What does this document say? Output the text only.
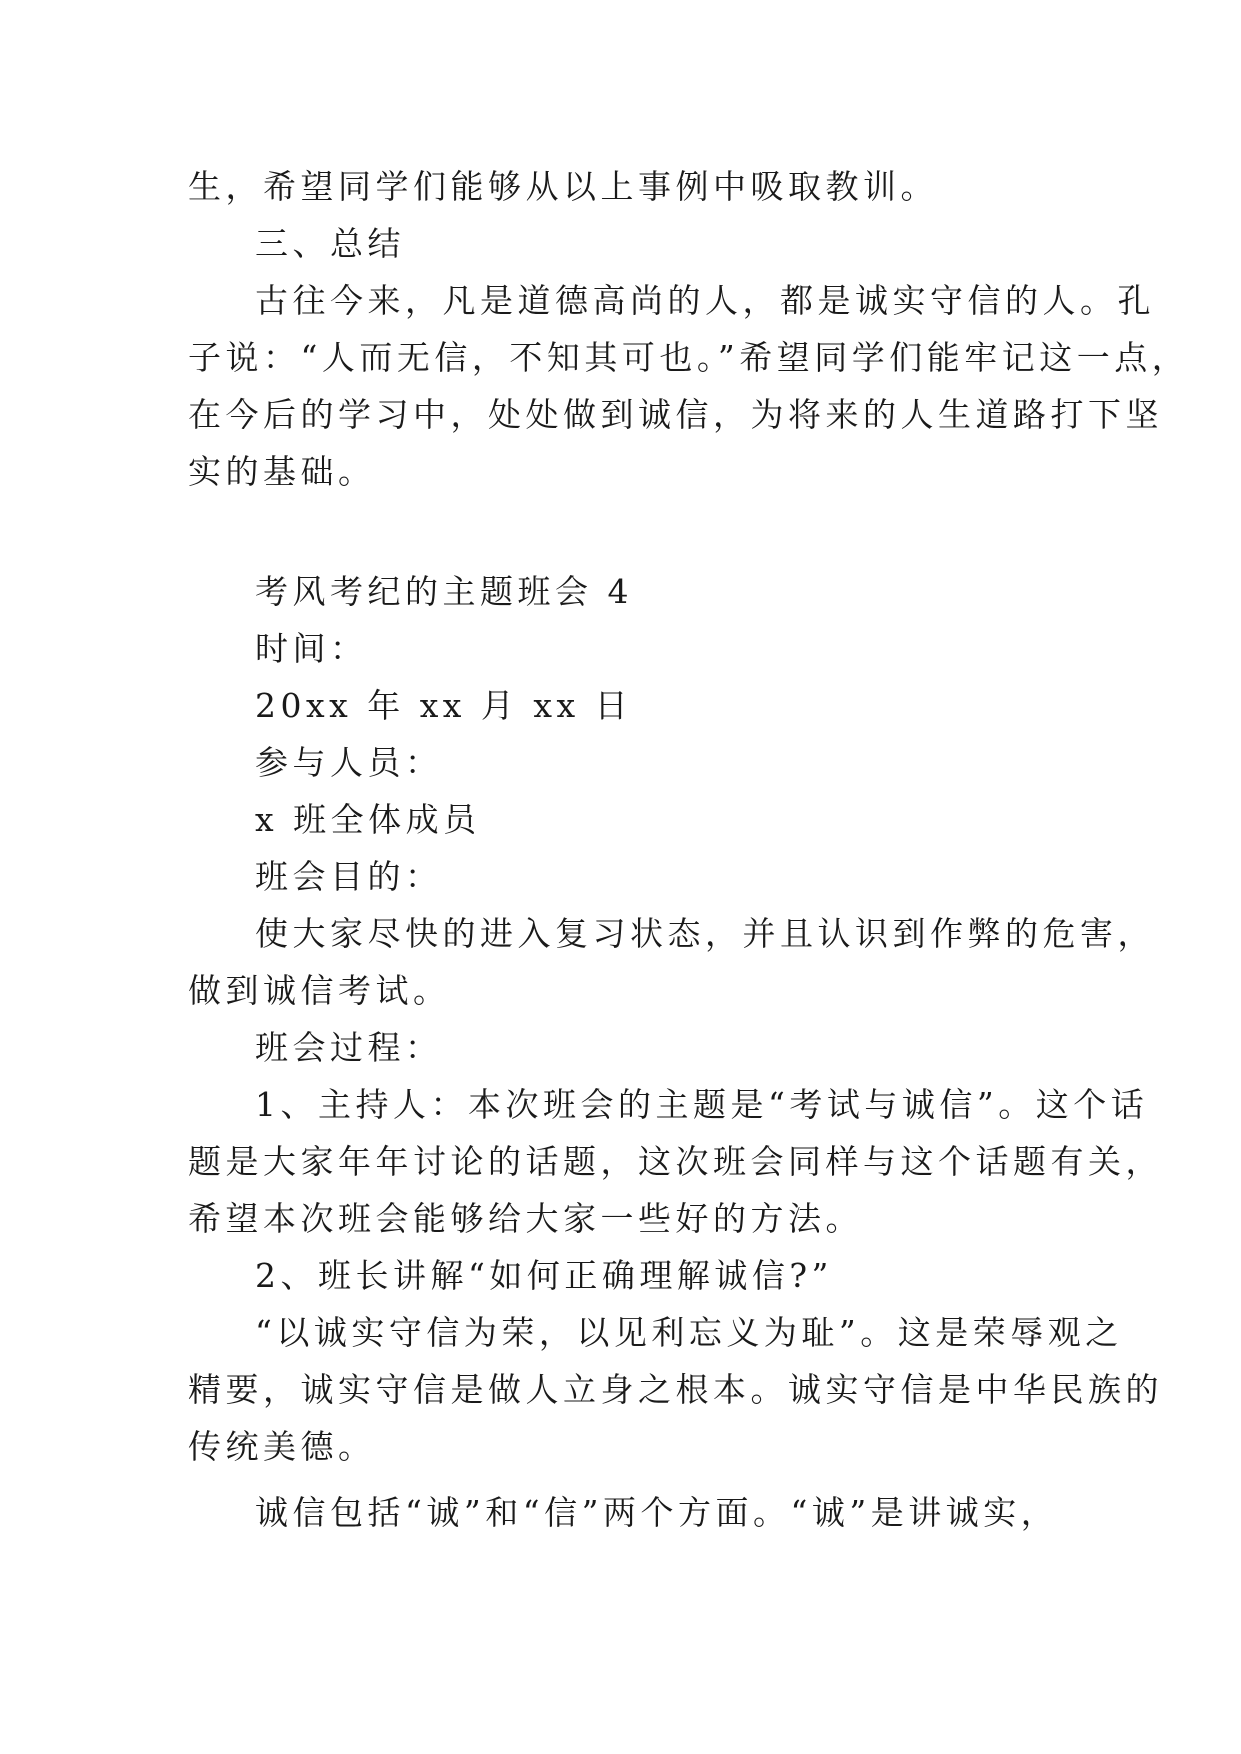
生，希望同学们能够从以上事例中吸取教训。
三、总结
古往今来，凡是道德高尚的人，都是诚实守信的人。孔
子说：“人而无信，不知其可也。”希望同学们能牢记这一点，
在今后的学习中，处处做到诚信，为将来的人生道路打下坚
实的基础。
考风考纪的主题班会 4
时间：
20xx 年 xx 月 xx 日
参与人员：
x 班全体成员
班会目的：
使大家尽快的进入复习状态，并且认识到作弊的危害，
做到诚信考试。
班会过程：
1、主持人：本次班会的主题是“考试与诚信”。这个话
题是大家年年讨论的话题，这次班会同样与这个话题有关，
希望本次班会能够给大家一些好的方法。
2、班长讲解“如何正确理解诚信?”
“以诚实守信为荣，以见利忘义为耻”。这是荣辱观之
精要，诚实守信是做人立身之根本。诚实守信是中华民族的
传统美德。
诚信包括“诚”和“信”两个方面。“诚”是讲诚实，
